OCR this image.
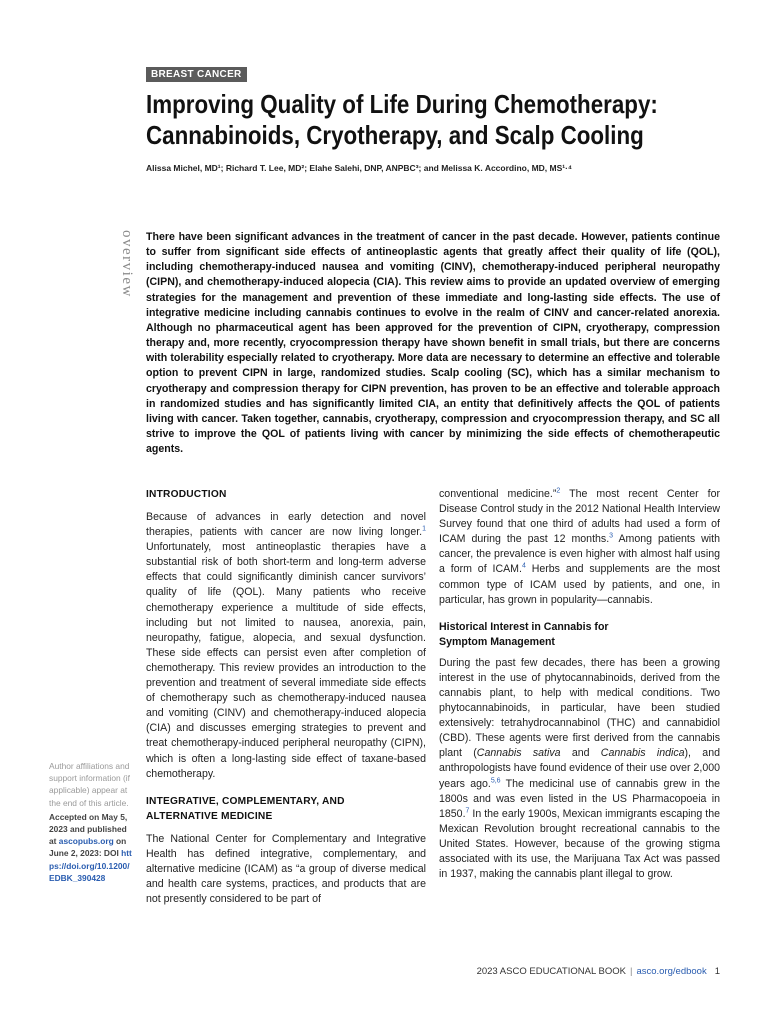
BREAST CANCER
Improving Quality of Life During Chemotherapy:
Cannabinoids, Cryotherapy, and Scalp Cooling
Alissa Michel, MD¹; Richard T. Lee, MD²; Elahe Salehi, DNP, ANPBC³; and Melissa K. Accordino, MD, MS¹·⁴
overview There have been significant advances in the treatment of cancer in the past decade. However, patients continue to suffer from significant side effects of antineoplastic agents that greatly affect their quality of life (QOL), including chemotherapy-induced nausea and vomiting (CINV), chemotherapy-induced peripheral neuropathy (CIPN), and chemotherapy-induced alopecia (CIA). This review aims to provide an updated overview of emerging strategies for the management and prevention of these immediate and long-lasting side effects. The use of integrative medicine including cannabis continues to evolve in the realm of CINV and cancer-related anorexia. Although no pharmaceutical agent has been approved for the prevention of CIPN, cryotherapy, compression therapy and, more recently, cryocompression therapy have shown benefit in small trials, but there are concerns with tolerability especially related to cryotherapy. More data are necessary to determine an effective and tolerable option to prevent CIPN in large, randomized studies. Scalp cooling (SC), which has a similar mechanism to cryotherapy and compression therapy for CIPN prevention, has proven to be an effective and tolerable approach in randomized studies and has significantly limited CIA, an entity that definitively affects the QOL of patients living with cancer. Taken together, cannabis, cryotherapy, compression and cryocompression therapy, and SC all strive to improve the QOL of patients living with cancer by minimizing the side effects of chemotherapeutic agents.
INTRODUCTION

Because of advances in early detection and novel therapies, patients with cancer are now living longer.$^1$ Unfortunately, most antineoplastic therapies have a substantial risk of both short-term and long-term adverse effects that could significantly diminish cancer survivors’ quality of life (QOL). Many patients who receive chemotherapy experience a multitude of side effects, including but not limited to nausea, anorexia, pain, neuropathy, fatigue, alopecia, and sexual dysfunction. These side effects can persist even after completion of chemotherapy. This review provides an introduction to the prevention and treatment of several immediate side effects of chemotherapy such as chemotherapy-induced nausea and vomiting (CINV) and chemotherapy-induced alopecia (CIA) and discusses emerging strategies to prevent and treat chemotherapy-induced peripheral neuropathy (CIPN), which is often a long-lasting side effect of taxane-based chemotherapy.

INTEGRATIVE, COMPLEMENTARY, AND
ALTERNATIVE MEDICINE

The National Center for Complementary and Integrative Health has defined integrative, complementary, and alternative medicine (ICAM) as “a group of diverse medical and health care systems, practices, and products that are not presently considered to be part of

conventional medicine.”$^2$ The most recent Center for Disease Control study in the 2012 National Health Interview Survey found that one third of adults had used a form of ICAM during the past 12 months.$^3$ Among patients with cancer, the prevalence is even higher with almost half using a form of ICAM.$^4$ Herbs and supplements are the most common type of ICAM used by patients, and one, in particular, has grown in popularity—cannabis.

Historical Interest in Cannabis for
Symptom Management

During the past few decades, there has been a growing interest in the use of phytocannabinoids, derived from the cannabis plant, to help with medical conditions. Two phytocannabinoids, in particular, have been studied extensively: tetrahydrocannabinol (THC) and cannabidiol (CBD). These agents were first derived from the cannabis plant (Cannabis sativa and Cannabis indica), and anthropologists have found evidence of their use over 2,000 years ago.$^{5,6}$ The medicinal use of cannabis grew in the 1800s and was even listed in the US Pharmacopoeia in 1850.$^7$ In the early 1900s, Mexican immigrants escaping the Mexican Revolution brought recreational cannabis to the United States. However, because of the growing stigma associated with its use, the Marijuana Tax Act was passed in 1937, making the cannabis plant illegal to grow.

Author affiliations and support information (if applicable) appear at the end of this article.
Accepted on May 5, 2023 and published at ascopubs.org on June 2, 2023: DOI https://doi.org/10.1200/EDBK_390428
2023 ASCO EDUCATIONAL BOOK | asco.org/edbook 1
